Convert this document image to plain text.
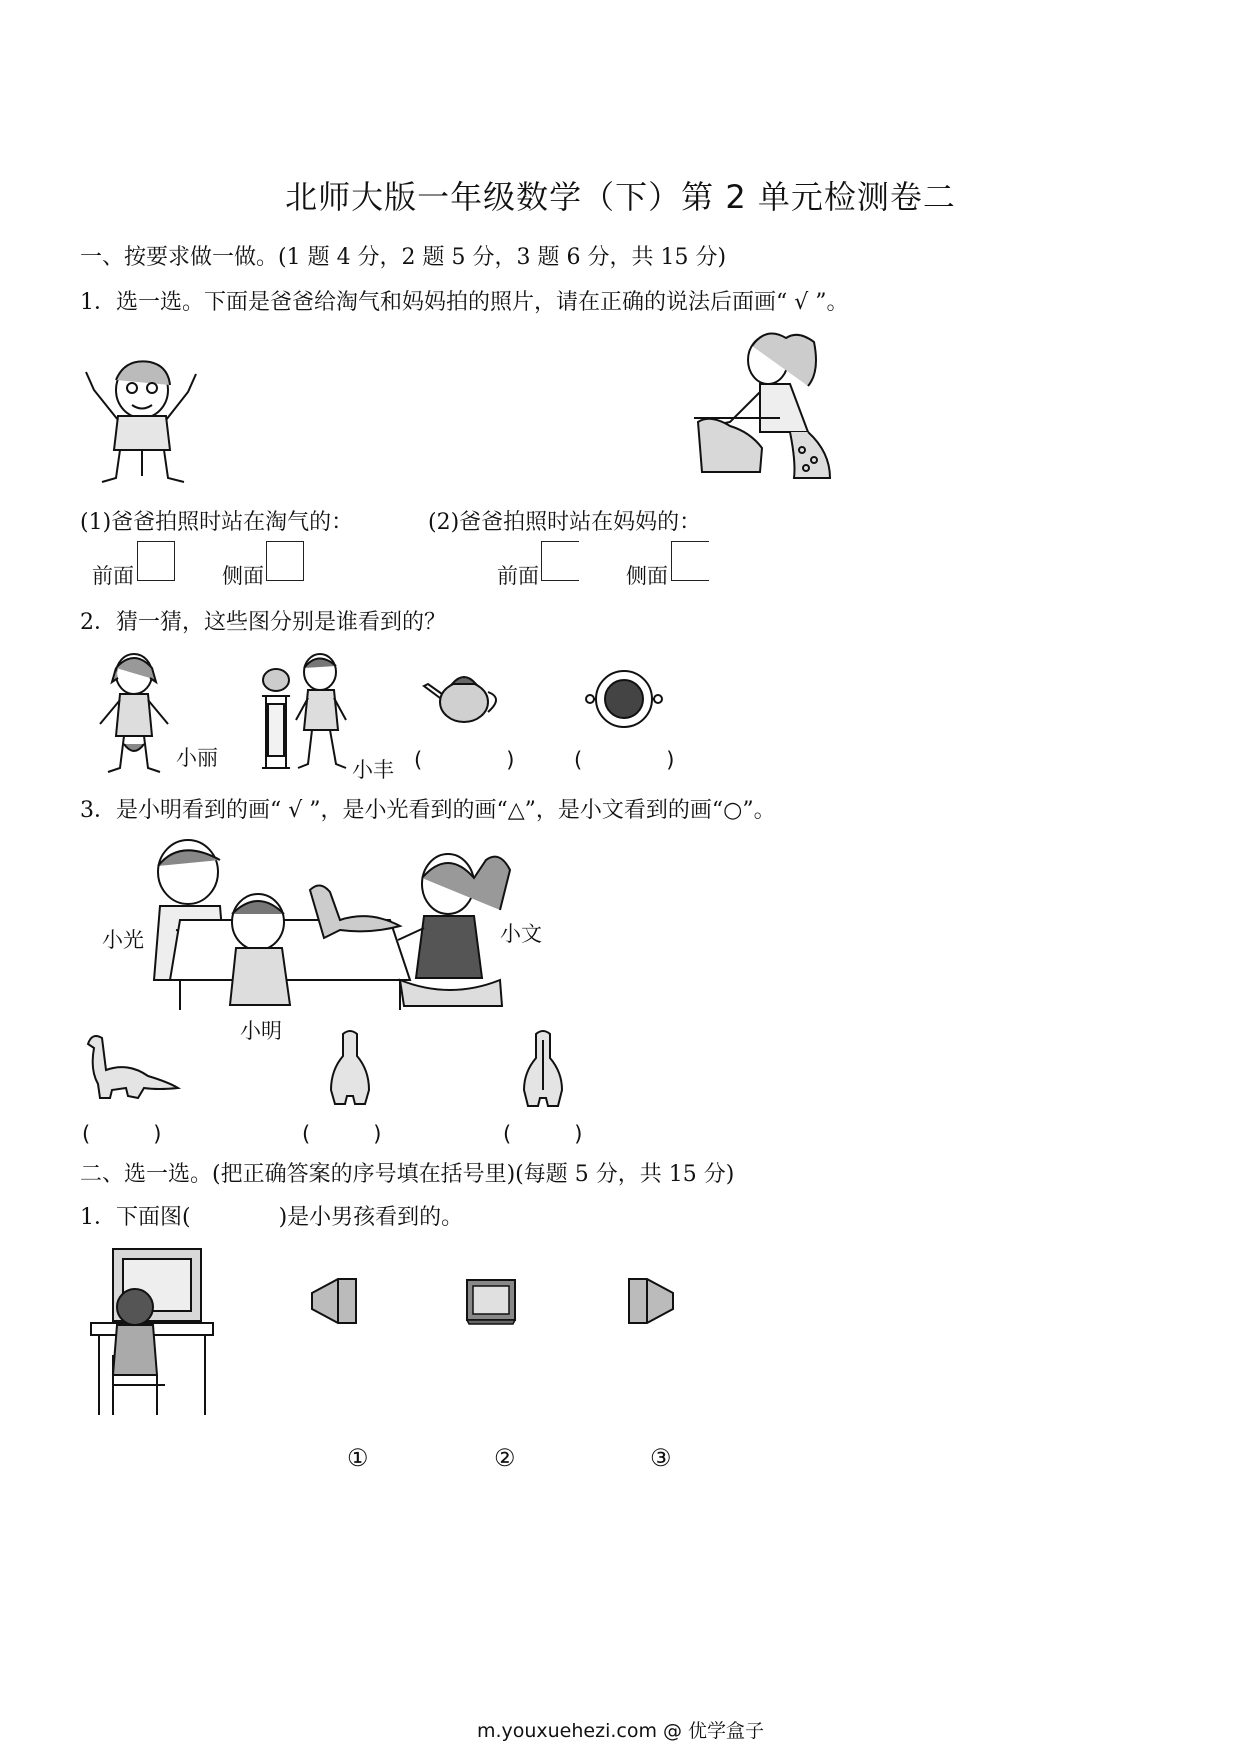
北师大版一年级数学（下）第 2 单元检测卷二
一、按要求做一做。(1 题 4 分，2 题 5 分，3 题 6 分，共 15 分)
1．选一选。下面是爸爸给淘气和妈妈拍的照片，请在正确的说法后面画“ √ ”。
(1)爸爸拍照时站在淘气的：	(2)爸爸拍照时站在妈妈的：
前面	侧面	前面	侧面
2．猜一猜，这些图分别是谁看到的？
小丽	小丰 (　　　　)	(　　　　)
3．是小明看到的画“ √ ”，是小光看到的画“△”，是小文看到的画“○”。
小光	小文
小明
(　　　)	(　　　)	(　　　)
二、选一选。(把正确答案的序号填在括号里)(每题 5 分，共 15 分)
1．下面图(　　　　)是小男孩看到的。
①	②	③
m.youxuehezi.com @ 优学盒子
